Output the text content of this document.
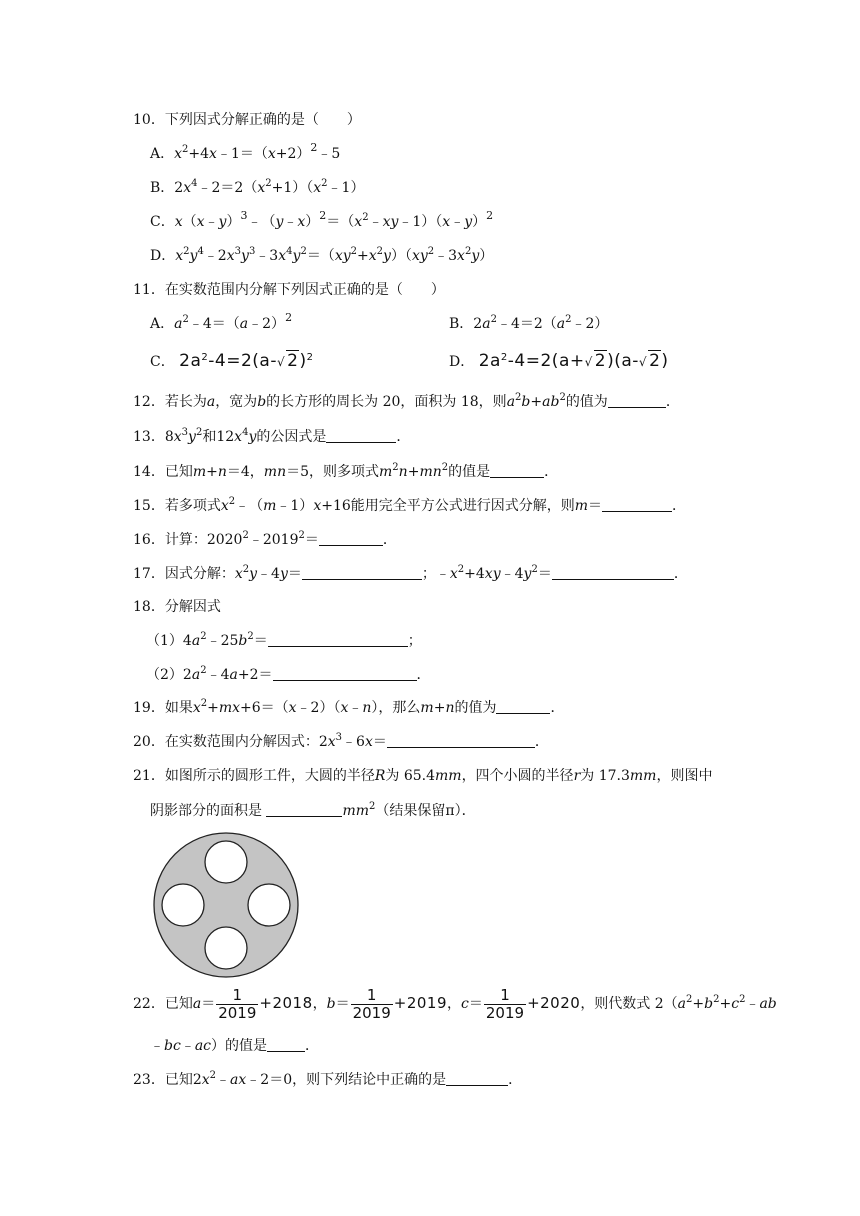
10．下列因式分解正确的是（　　）
A．$x^2+4x﹣1=(x+2)^2﹣5$
B．$2x^4﹣2=2(x^2+1)(x^2﹣1)$
C．$x(x﹣y)^3﹣(y﹣x)^2=(x^2﹣xy﹣1)(x﹣y)^2$
D．$x^2y^4﹣2x^3y^3﹣3x^4y^2=(xy^2+x^2y)(xy^2﹣3x^2y)$
11．在实数范围内分解下列因式正确的是（　　）
A．$a^2﹣4=(a﹣2)^2$	B．$2a^2﹣4=2(a^2﹣2)$
C． $2a^2-4=2(a-√$ 2)$^2$	D． $2a^2-4=2(a+√$ 2)(a-√ 2)
12．若长为a，宽为b的长方形的周长为 20，面积为 18，则$a^2b+ab^2$的值为	．
13．$8x^3y^2$和$12x^4y$的公因式是	．
14．已知m+n＝4，mn＝5，则多项式$m^2n+mn^2$的值是	．
15．若多项式$x^2﹣(m﹣1)x+16$能用完全平方公式进行因式分解，则m＝	．
16．计算：$2020^2﹣2019^2=$	．
17．因式分解：$x^2y﹣4y=$	；$﹣x^2+4xy﹣4y^2=$	．
18．分解因式
$(1)4a^2﹣25b^2=$	；
$(2)2a^2﹣4a+2=$	．
19．如果$x^2+mx+6=(x﹣2)(x﹣n)$，那么m+n的值为	．
20．在实数范围内分解因式：$2x^3﹣6x=$	．
21．如图所示的圆形工件，大圆的半径R为 65.4mm，四个小圆的半径r为 17.3mm，则图中
阴影部分的面积是	$mm^2$（结果保留π）．
22．已知$a= \frac{1}{2019} +2018$，$b= \frac{1}{2019} +2019$，$c= \frac{1}{2019} +2020$，则代数式 $2(a^2+b^2+c^2﹣ab$
﹣bc﹣ac）的值是	．
23．已知$2x^2﹣ax﹣2=0$，则下列结论中正确的是	．
